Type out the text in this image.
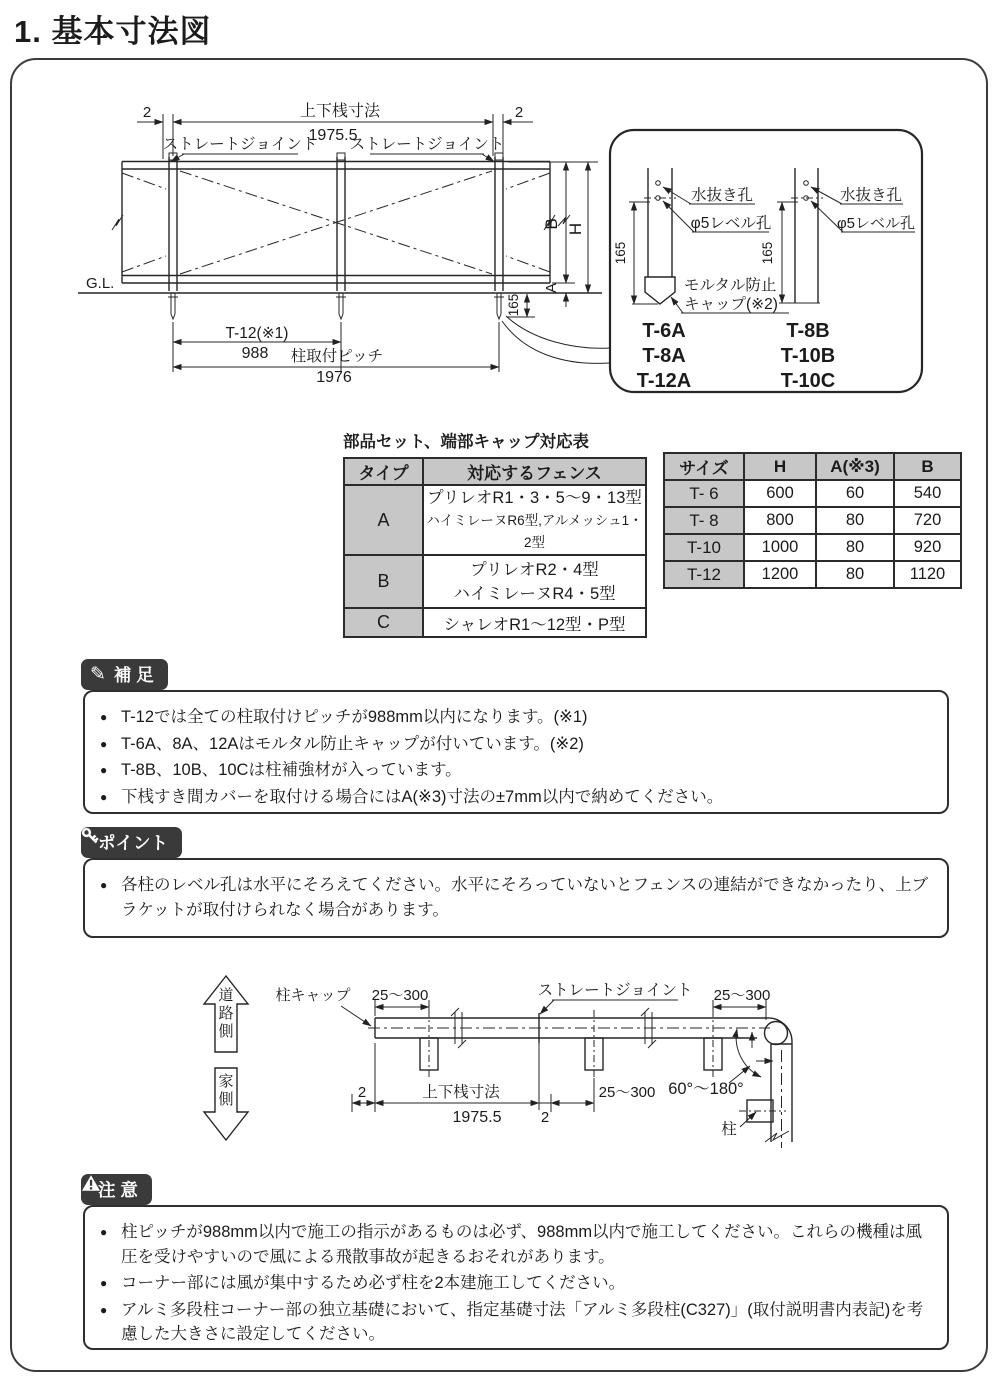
1. 基本寸法図
G.L.
2	上下桟寸法
1975.5
2
ストレートジョイント ストレートジョイント
B H
A
165
T-12(※1)
988 柱取付ピッチ
1976
水抜き孔
φ5レベル孔
165
モルタル防止
キャップ(※2)
T-6A
T-8A
T-12A
水抜き孔
φ5レベル孔
165
T-8B
T-10B
T-10C
道路側
家側
柱キャップ	ストレートジョイント
25〜300	25〜300
2	上下桟寸法
1975.5	2
25〜300 60°〜180°
柱
部品セット、端部キャップ対応表
タイプ	対応するフェンス
A	プリレオR1・3・5〜9・13型
ハイミレーヌR6型,アルメッシュ1・2型

B	プリレオR2・4型
ハイミレーヌR4・5型

C	シャレオR1〜12型・P型
サイズ	H	A(※3)	B
T- 6	600	60	540
T- 8	800	80	720
T-10	1000	80	920
T-12	1200	80	1120
✎ 補 足
● T-12では全ての柱取付けピッチが988mm以内になります。(※1)
● T-6A、8A、12Aはモルタル防止キャップが付いています。(※2)
● T-8B、10B、10Cは柱補強材が入っています。
● 下桟すき間カバーを取付ける場合にはA(※3)寸法の±7mm以内で納めてください。
ポイント
● 各柱のレベル孔は水平にそろえてください。水平にそろっていないとフェンスの連結ができなかったり、上ブラケットが取付けられなく場合があります。
注 意
● 柱ピッチが988mm以内で施工の指示があるものは必ず、988mm以内で施工してください。これらの機種は風圧を受けやすいので風による飛散事故が起きるおそれがあります。
● コーナー部には風が集中するため必ず柱を2本建施工してください。
● アルミ多段柱コーナー部の独立基礎において、指定基礎寸法「アルミ多段柱(C327)」(取付説明書内表記)を考慮した大きさに設定してください。
